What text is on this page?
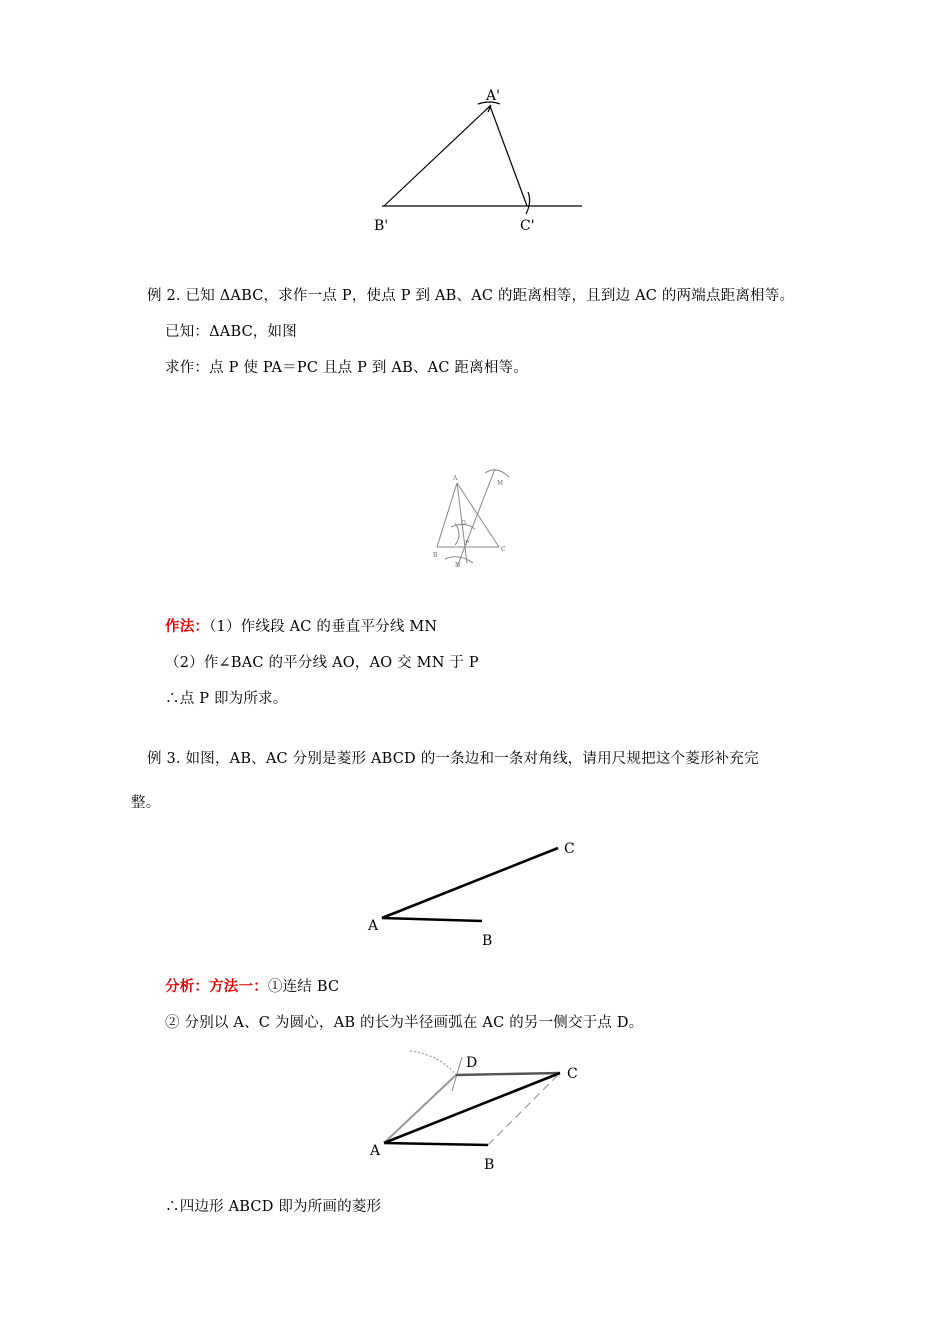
A'
B'	C'
例 2. 已知 ΔABC，求作一点 P，使点 P 到 AB、AC 的距离相等，且到边 AC 的两端点距离相等。
已知：ΔABC，如图
求作：点 P 使 PA＝PC 且点 P 到 AB、AC 距离相等。
A
B
C
O
P
M
N
作法：（1）作线段 AC 的垂直平分线 MN
（2）作∠BAC 的平分线 AO，AO 交 MN 于 P
∴点 P 即为所求。
例 3. 如图，AB、AC 分别是菱形 ABCD 的一条边和一条对角线，请用尺规把这个菱形补充完
整。
A
B
C
分析：方法一：①连结 BC
② 分别以 A、C 为圆心，AB 的长为半径画弧在 AC 的另一侧交于点 D。
A
B
C
D
∴四边形 ABCD 即为所画的菱形
